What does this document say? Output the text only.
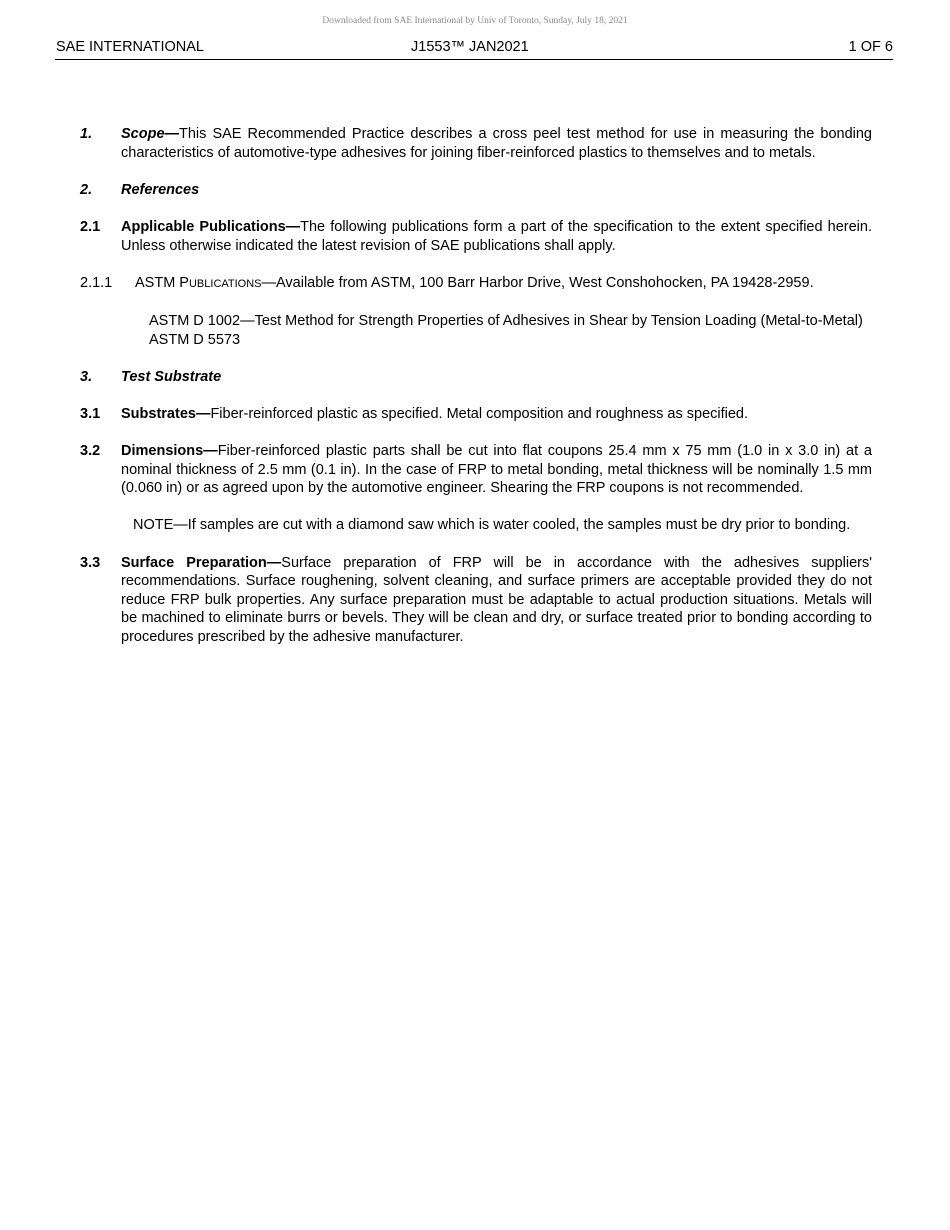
Downloaded from SAE International by Univ of Toronto, Sunday, July 18, 2021
SAE INTERNATIONAL	J1553™ JAN2021	1 OF 6
1. Scope—This SAE Recommended Practice describes a cross peel test method for use in measuring the bonding characteristics of automotive-type adhesives for joining fiber-reinforced plastics to themselves and to metals.
2. References
2.1 Applicable Publications—The following publications form a part of the specification to the extent specified herein. Unless otherwise indicated the latest revision of SAE publications shall apply.
2.1.1 ASTM PUBLICATIONS—Available from ASTM, 100 Barr Harbor Drive, West Conshohocken, PA 19428-2959.
ASTM D 1002—Test Method for Strength Properties of Adhesives in Shear by Tension Loading (Metal-to-Metal)
ASTM D 5573
3. Test Substrate
3.1 Substrates—Fiber-reinforced plastic as specified. Metal composition and roughness as specified.
3.2 Dimensions—Fiber-reinforced plastic parts shall be cut into flat coupons 25.4 mm x 75 mm (1.0 in x 3.0 in) at a nominal thickness of 2.5 mm (0.1 in). In the case of FRP to metal bonding, metal thickness will be nominally 1.5 mm (0.060 in) or as agreed upon by the automotive engineer. Shearing the FRP coupons is not recommended.
NOTE—If samples are cut with a diamond saw which is water cooled, the samples must be dry prior to bonding.
3.3 Surface Preparation—Surface preparation of FRP will be in accordance with the adhesives suppliers' recommendations. Surface roughening, solvent cleaning, and surface primers are acceptable provided they do not reduce FRP bulk properties. Any surface preparation must be adaptable to actual production situations. Metals will be machined to eliminate burrs or bevels. They will be clean and dry, or surface treated prior to bonding according to procedures prescribed by the adhesive manufacturer.
